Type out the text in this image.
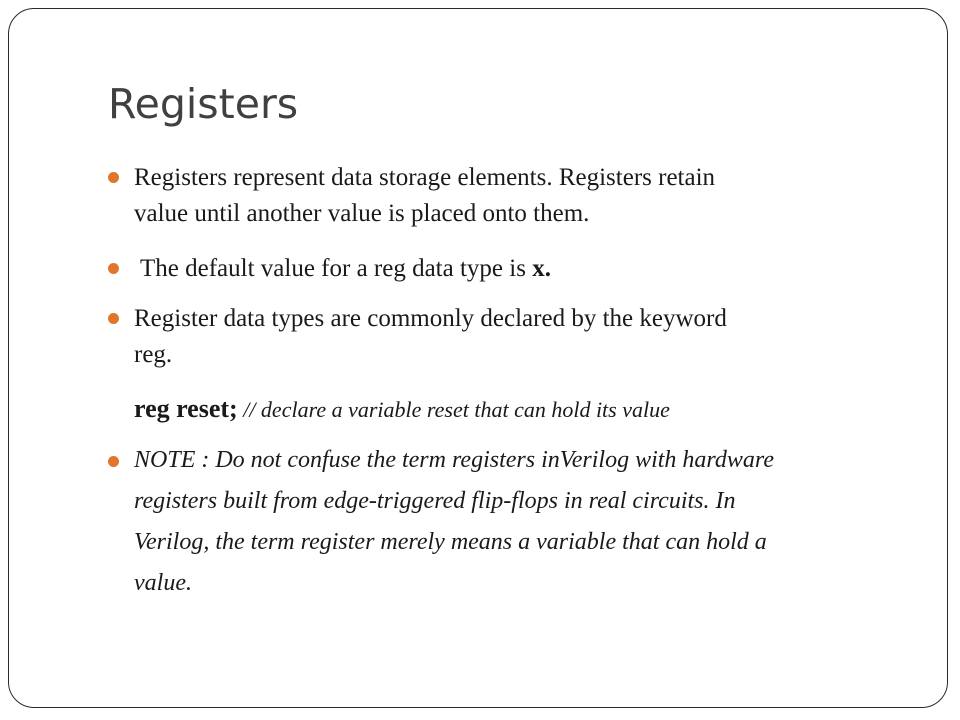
Registers
Registers represent data storage elements. Registers retain
value until another value is placed onto them.
The default value for a reg data type is x.
Register data types are commonly declared by the keyword
reg.
reg reset; // declare a variable reset that can hold its value
NOTE : Do not confuse the term registers inVerilog with hardware
registers built from edge-triggered flip-flops in real circuits. In
Verilog, the term register merely means a variable that can hold a
value.
